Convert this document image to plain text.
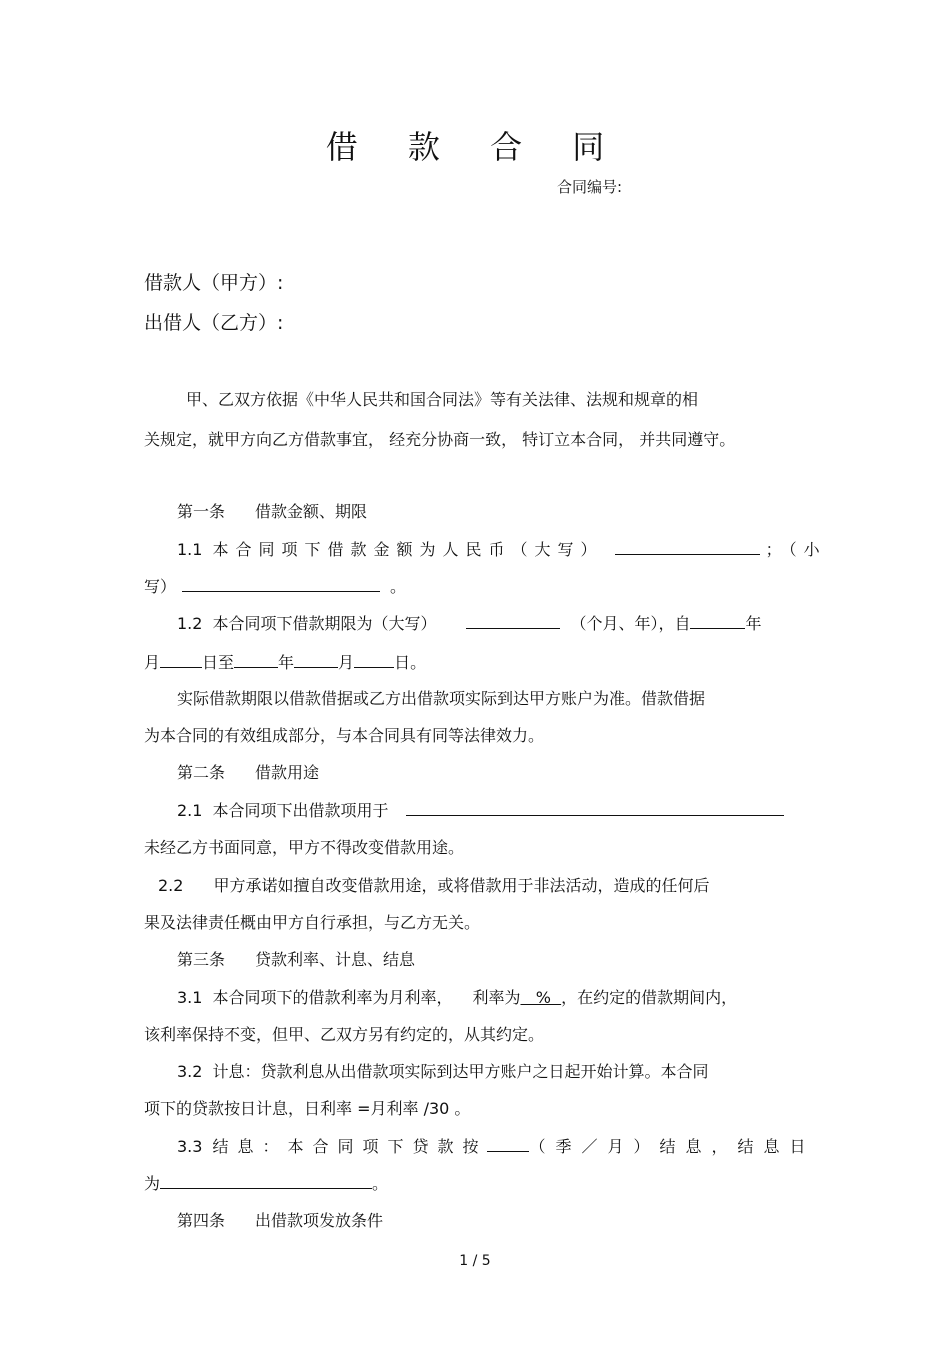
借 款 合 同
合同编号:
借款人（甲方）:
出借人（乙方）:
甲、乙双方依据《中华人民共和国合同法》等有关法律、法规和规章的相
关规定，就甲方向乙方借款事宜， 经充分协商一致， 特订立本合同， 并共同遵守。
第一条 借款金额、期限
1.1 本合同项下借款金额为人民币（大写）	；（小
写）	。
1.2 本合同项下借款期限为（大写）	（个月、年），自	年
月	日至	年	月	日。
实际借款期限以借款借据或乙方出借款项实际到达甲方账户为准。借款借据
为本合同的有效组成部分，与本合同具有同等法律效力。
第二条 借款用途
2.1 本合同项下出借款项用于
未经乙方书面同意，甲方不得改变借款用途。
2.2 甲方承诺如擅自改变借款用途，或将借款用于非法活动，造成的任何后
果及法律责任概由甲方自行承担，与乙方无关。
第三条 贷款利率、计息、结息
3.1 本合同项下的借款利率为月利率， 利率为   %  ，在约定的借款期间内，
该利率保持不变，但甲、乙双方另有约定的，从其约定。
3.2 计息：贷款利息从出借款项实际到达甲方账户之日起开始计算。本合同
项下的贷款按日计息，日利率 =月利率 /30 。
3.3 结息：本合同项下贷款按	（季／月）结息，结息日
为	。
第四条 出借款项发放条件
1 / 5
